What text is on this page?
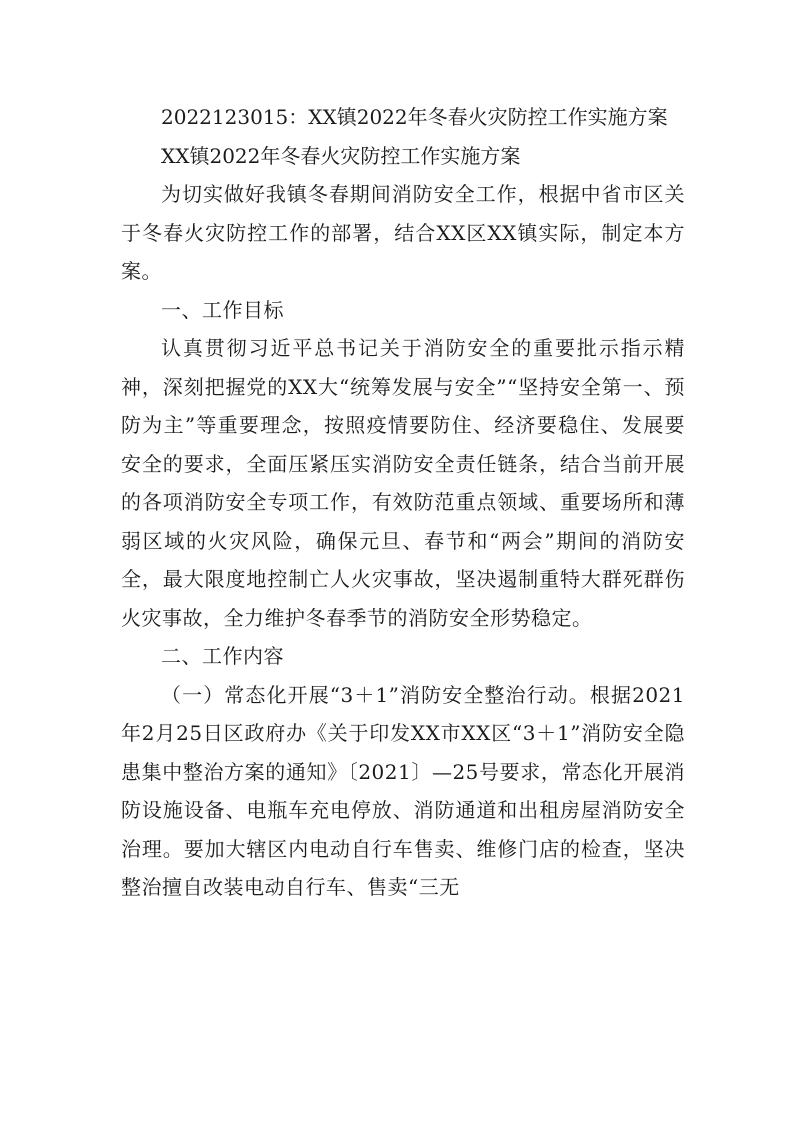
2022123015：XX镇2022年冬春火灾防控工作实施方案

XX镇2022年冬春火灾防控工作实施方案

为切实做好我镇冬春期间消防安全工作，根据中省市区关于冬春火灾防控工作的部署，结合XX区XX镇实际，制定本方案。

一、工作目标

认真贯彻习近平总书记关于消防安全的重要批示指示精神，深刻把握党的XX大“统筹发展与安全”“坚持安全第一、预防为主”等重要理念，按照疫情要防住、经济要稳住、发展要安全的要求，全面压紧压实消防安全责任链条，结合当前开展的各项消防安全专项工作，有效防范重点领域、重要场所和薄弱区域的火灾风险，确保元旦、春节和“两会”期间的消防安全，最大限度地控制亡人火灾事故，坚决遏制重特大群死群伤火灾事故，全力维护冬春季节的消防安全形势稳定。

二、工作内容

（一）常态化开展“3＋1”消防安全整治行动。根据2021年2月25日区政府办《关于印发XX市XX区“3＋1”消防安全隐患集中整治方案的通知》〔2021〕—25号要求，常态化开展消防设施设备、电瓶车充电停放、消防通道和出租房屋消防安全治理。要加大辖区内电动自行车售卖、维修门店的检查，坚决整治擅自改装电动自行车、售卖“三无
